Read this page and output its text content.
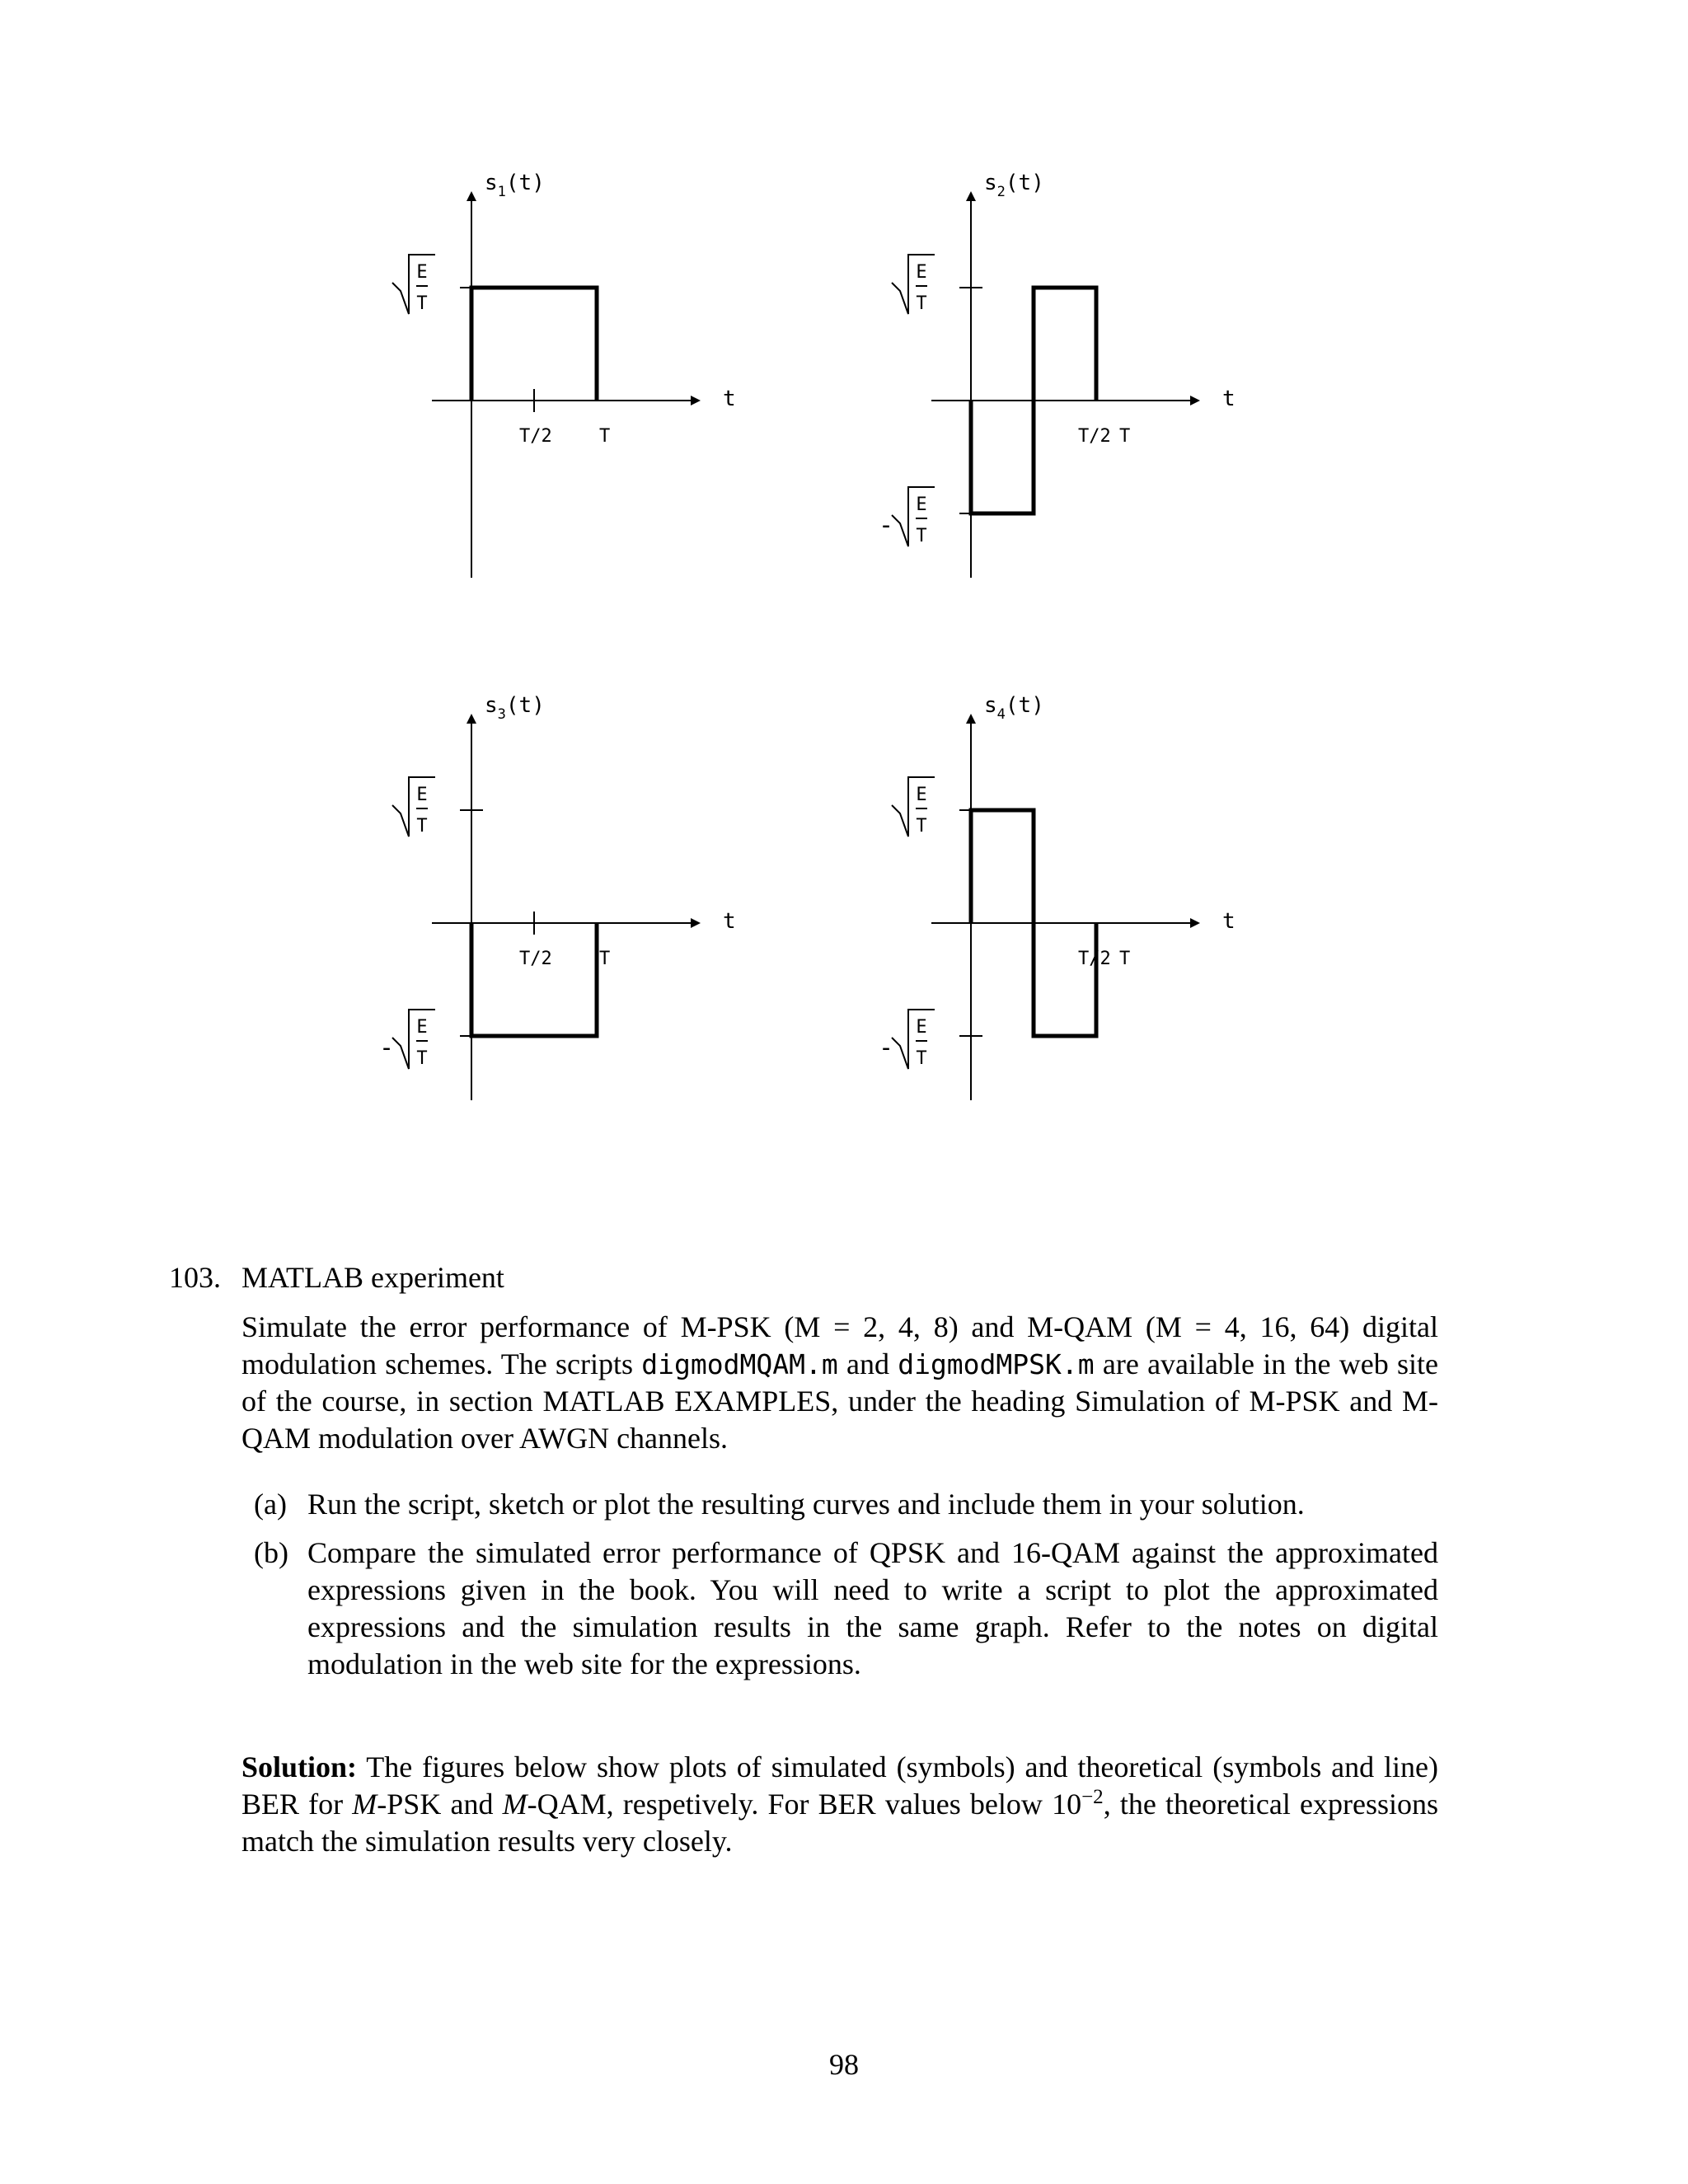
t
$s_1(t)$
T/2	T
E
T
t
$s_2(t)$
T/2 T
E
T
-
E
T
t
$s_3(t)$
T/2	T
E
T
-
E
T
t
$s_4(t)$
T/2 T
E
T
-
E
T
103. MATLAB experiment
Simulate the error performance of M-PSK (M = 2, 4, 8) and M-QAM (M = 4, 16, 64) digital modulation schemes. The scripts digmodMQAM.m and digmodMPSK.m are available in the web site of the course, in section MATLAB EXAMPLES, under the heading Simulation of M-PSK and M-QAM modulation over AWGN channels.
(a) Run the script, sketch or plot the resulting curves and include them in your solution.
(b) Compare the simulated error performance of QPSK and 16-QAM against the approximated expressions given in the book. You will need to write a script to plot the approximated expressions and the simulation results in the same graph. Refer to the notes on digital modulation in the web site for the expressions.
Solution: The figures below show plots of simulated (symbols) and theoretical (symbols and line) BER for M-PSK and M-QAM, respetively. For BER values below $10^{-2}$, the theoretical expressions match the simulation results very closely.
98
